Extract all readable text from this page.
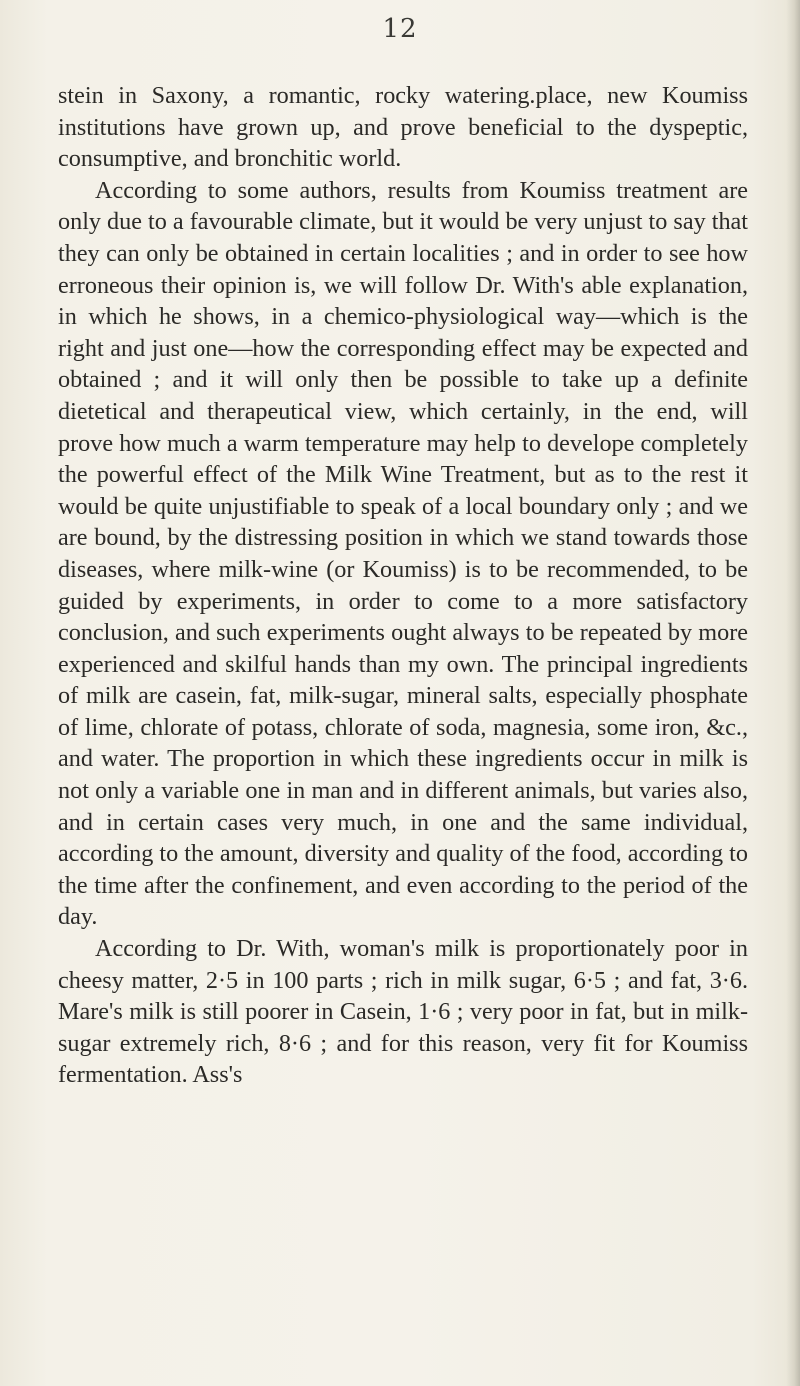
12

stein in Saxony, a romantic, rocky watering.place, new Koumiss institutions have grown up, and prove beneficial to the dyspeptic, consumptive, and bronchitic world.

According to some authors, results from Koumiss treatment are only due to a favourable climate, but it would be very unjust to say that they can only be obtained in certain localities ; and in order to see how erroneous their opinion is, we will follow Dr. With's able explanation, in which he shows, in a chemico-physiological way—which is the right and just one—how the corresponding effect may be expected and obtained ; and it will only then be possible to take up a definite dietetical and therapeutical view, which certainly, in the end, will prove how much a warm temperature may help to develope completely the powerful effect of the Milk Wine Treatment, but as to the rest it would be quite unjustifiable to speak of a local boundary only ; and we are bound, by the distressing position in which we stand towards those diseases, where milk-wine (or Koumiss) is to be recommended, to be guided by experiments, in order to come to a more satisfactory conclusion, and such experiments ought always to be repeated by more experienced and skilful hands than my own. The principal ingredients of milk are casein, fat, milk-sugar, mineral salts, especially phosphate of lime, chlorate of potass, chlorate of soda, magnesia, some iron, &c., and water. The proportion in which these ingredients occur in milk is not only a variable one in man and in different animals, but varies also, and in certain cases very much, in one and the same individual, according to the amount, diversity and quality of the food, according to the time after the confinement, and even according to the period of the day.

According to Dr. With, woman's milk is proportionately poor in cheesy matter, 2·5 in 100 parts ; rich in milk sugar, 6·5 ; and fat, 3·6. Mare's milk is still poorer in Casein, 1·6 ; very poor in fat, but in milk-sugar extremely rich, 8·6 ; and for this reason, very fit for Koumiss fermentation. Ass's
